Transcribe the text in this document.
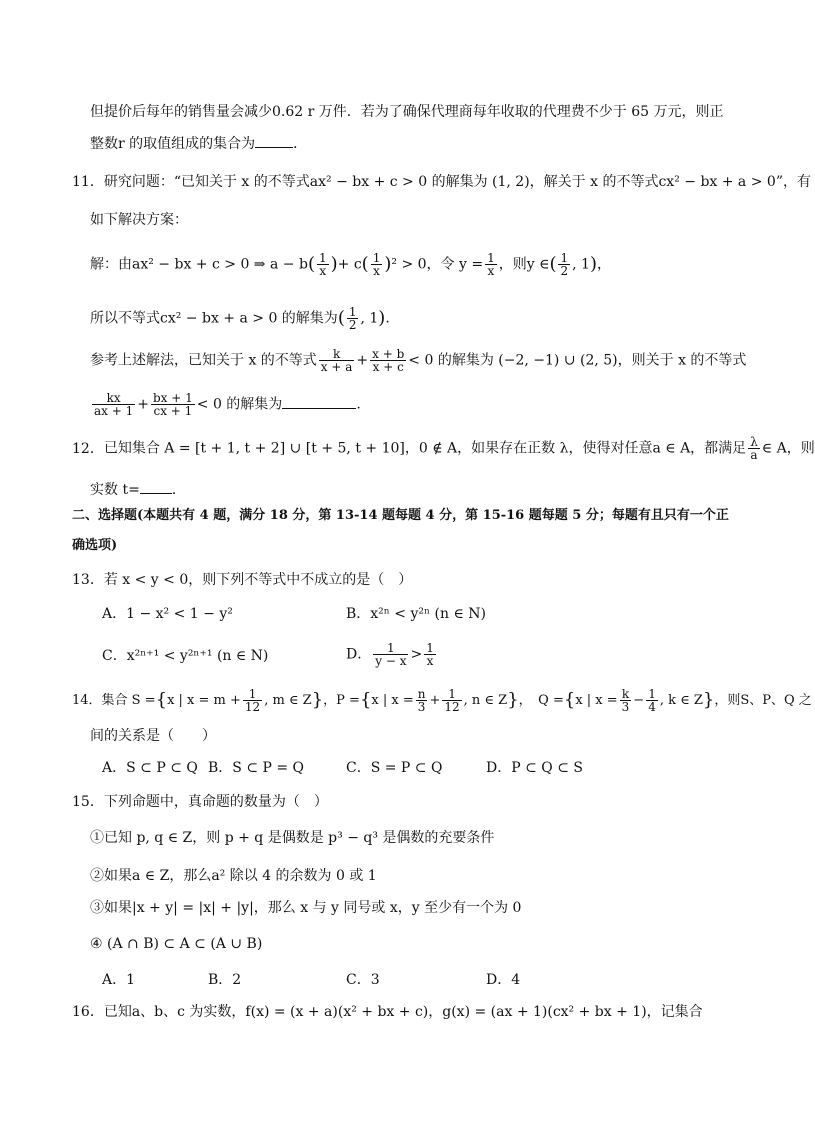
但提价后每年的销售量会减少0.62 r 万件．若为了确保代理商每年收取的代理费不少于 65 万元，则正
整数r 的取值组成的集合为	．
11．研究问题：“已知关于 x 的不等式ax² − bx + c > 0 的解集为 (1, 2)，解关于 x 的不等式cx² − bx + a > 0”，有
如下解决方案：
解：由ax² − bx + c > 0 ⇒ $a - b( \frac{1}{x}$ )+ $c( \frac{1}{x} )^2 > 0$，令 $y = \frac{1}{x}$ ，则y ∈( $\frac{1}{2}$ , 1)，
所以不等式cx² − bx + a > 0 的解集为( $\frac{1}{2}$ , 1).
参考上述解法，已知关于 x 的不等式 $\frac{k}{x + a} + \frac{x + b}{x + c} < 0$ 的解集为 (−2, −1) ∪ (2, 5)，则关于 x 的不等式
$\frac{kx}{ax + 1} + \frac{bx + 1}{cx + 1} < 0$ 的解集为	.
12．已知集合 A = [t + 1, t + 2] ∪ [t + 5, t + 10]，0 ∉ A，如果存在正数 λ，使得对任意a ∈ A，都满足 $\frac{\lambda}{a}$ ∈ A，则
实数 t= ．
二、选择题(本题共有 4 题，满分 18 分，第 13-14 题每题 4 分，第 15-16 题每题 5 分；每题有且只有一个正
确选项)
13．若 x < y < 0，则下列不等式中不成立的是（　）
A．1 − x² < 1 − y²	B．x²ⁿ < y²ⁿ (n ∈ N)
C．x²ⁿ⁺¹ < y²ⁿ⁺¹ (n ∈ N)	D． $\frac{1}{y - x} > \frac{1}{x}$
14．集合 S ={x | $x = m + \frac{1}{12}$ , m ∈ Z}，P ={x | $x = \frac{n}{3} + \frac{1}{12}$ , n ∈ Z}，　Q ={x | $x = \frac{k}{3} - \frac{1}{4}$ , k ∈ Z}，则S、P、Q 之
间的关系是（　　）
A．S ⊂ P ⊂ Q B．S ⊂ P = Q	C．S = P ⊂ Q	D．P ⊂ Q ⊂ S
15．下列命题中，真命题的数量为（　）
①已知 p, q ∈ Z，则 p + q 是偶数是 p³ − q³ 是偶数的充要条件
②如果a ∈ Z，那么a² 除以 4 的余数为 0 或 1
③如果|x + y| = |x| + |y|，那么 x 与 y 同号或 x，y 至少有一个为 0
④ (A ∩ B) ⊂ A ⊂ (A ∪ B)
A．1	B．2	C．3	D．4
16．已知a、b、c 为实数，f(x) = (x + a)(x² + bx + c)，g(x) = (ax + 1)(cx² + bx + 1)，记集合
